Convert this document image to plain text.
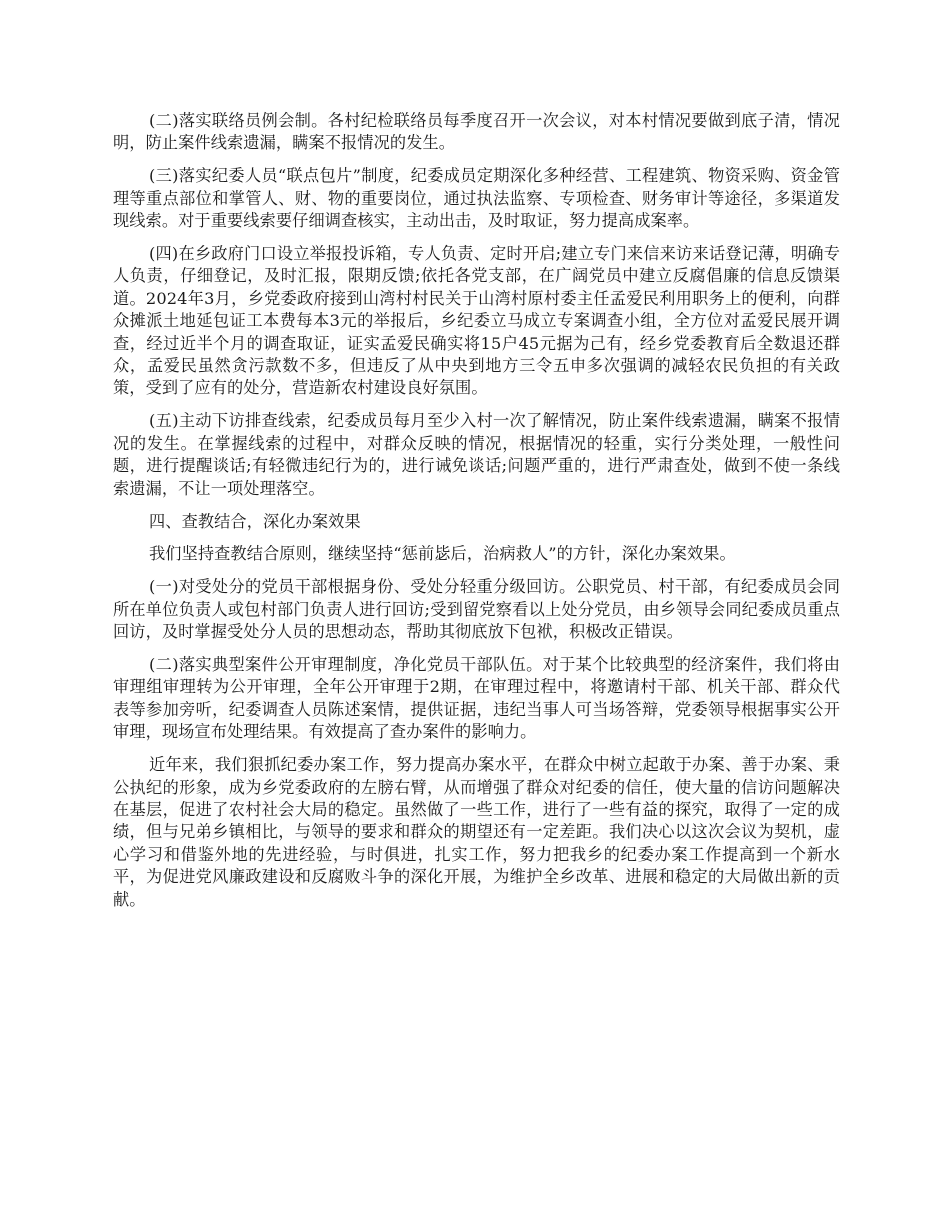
(二)落实联络员例会制。各村纪检联络员每季度召开一次会议，对本村情况要做到底子清，情况明，防止案件线索遗漏，瞒案不报情况的发生。

(三)落实纪委人员“联点包片”制度，纪委成员定期深化多种经营、工程建筑、物资采购、资金管理等重点部位和掌管人、财、物的重要岗位，通过执法监察、专项检查、财务审计等途径，多渠道发现线索。对于重要线索要仔细调查核实，主动出击，及时取证，努力提高成案率。

(四)在乡政府门口设立举报投诉箱，专人负责、定时开启;建立专门来信来访来话登记薄，明确专人负责，仔细登记，及时汇报，限期反馈;依托各党支部，在广阔党员中建立反腐倡廉的信息反馈渠道。2024年3月，乡党委政府接到山湾村村民关于山湾村原村委主任孟爱民利用职务上的便利，向群众摊派土地延包证工本费每本3元的举报后，乡纪委立马成立专案调查小组，全方位对孟爱民展开调查，经过近半个月的调查取证，证实孟爱民确实将15户45元据为己有，经乡党委教育后全数退还群众，孟爱民虽然贪污款数不多，但违反了从中央到地方三令五申多次强调的减轻农民负担的有关政策，受到了应有的处分，营造新农村建设良好氛围。

(五)主动下访排查线索，纪委成员每月至少入村一次了解情况，防止案件线索遗漏，瞒案不报情况的发生。在掌握线索的过程中，对群众反映的情况，根据情况的轻重，实行分类处理，一般性问题，进行提醒谈话;有轻微违纪行为的，进行诫免谈话;问题严重的，进行严肃查处，做到不使一条线索遗漏，不让一项处理落空。

四、查教结合，深化办案效果

我们坚持查教结合原则，继续坚持“惩前毖后，治病救人”的方针，深化办案效果。

(一)对受处分的党员干部根据身份、受处分轻重分级回访。公职党员、村干部，有纪委成员会同所在单位负责人或包村部门负责人进行回访;受到留党察看以上处分党员，由乡领导会同纪委成员重点回访，及时掌握受处分人员的思想动态，帮助其彻底放下包袱，积极改正错误。

(二)落实典型案件公开审理制度，净化党员干部队伍。对于某个比较典型的经济案件，我们将由审理组审理转为公开审理，全年公开审理于2期，在审理过程中，将邀请村干部、机关干部、群众代表等参加旁听，纪委调查人员陈述案情，提供证据，违纪当事人可当场答辩，党委领导根据事实公开审理，现场宣布处理结果。有效提高了查办案件的影响力。

近年来，我们狠抓纪委办案工作，努力提高办案水平，在群众中树立起敢于办案、善于办案、秉公执纪的形象，成为乡党委政府的左膀右臂，从而增强了群众对纪委的信任，使大量的信访问题解决在基层，促进了农村社会大局的稳定。虽然做了一些工作，进行了一些有益的探究，取得了一定的成绩，但与兄弟乡镇相比，与领导的要求和群众的期望还有一定差距。我们决心以这次会议为契机，虚心学习和借鉴外地的先进经验，与时俱进，扎实工作，努力把我乡的纪委办案工作提高到一个新水平，为促进党风廉政建设和反腐败斗争的深化开展，为维护全乡改革、进展和稳定的大局做出新的贡献。
